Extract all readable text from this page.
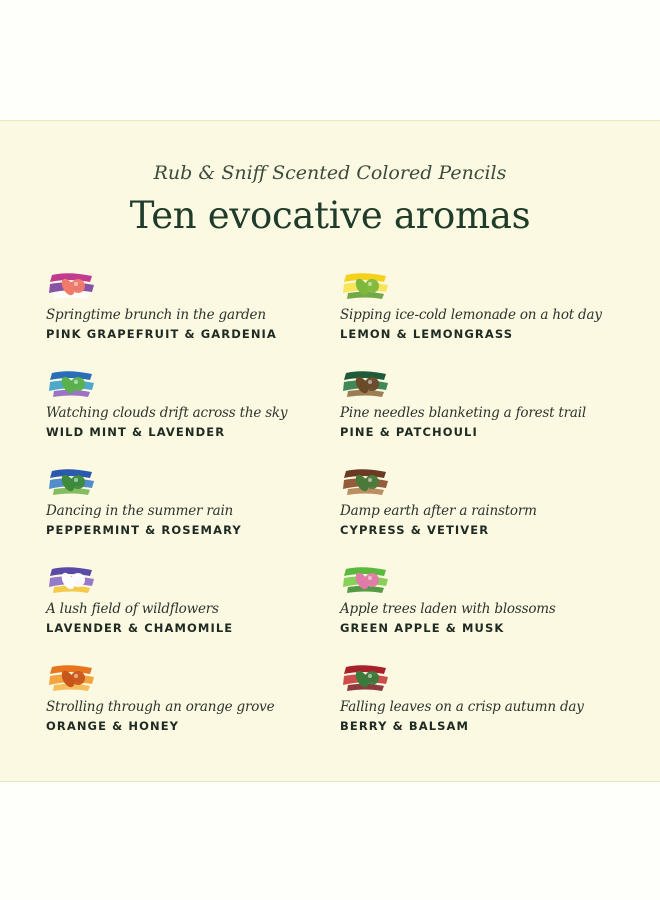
Rub & Sniff Scented Colored Pencils

Ten evocative aromas

Springtime brunch in the garden

PINK GRAPEFRUIT & GARDENIA

Watching clouds drift across the sky

WILD MINT & LAVENDER

Dancing in the summer rain

PEPPERMINT & ROSEMARY

A lush field of wildflowers

LAVENDER & CHAMOMILE

Strolling through an orange grove

ORANGE & HONEY

Sipping ice-cold lemonade on a hot day

LEMON & LEMONGRASS

Pine needles blanketing a forest trail

PINE & PATCHOULI

Damp earth after a rainstorm

CYPRESS & VETIVER

Apple trees laden with blossoms

GREEN APPLE & MUSK

Falling leaves on a crisp autumn day

BERRY & BALSAM
